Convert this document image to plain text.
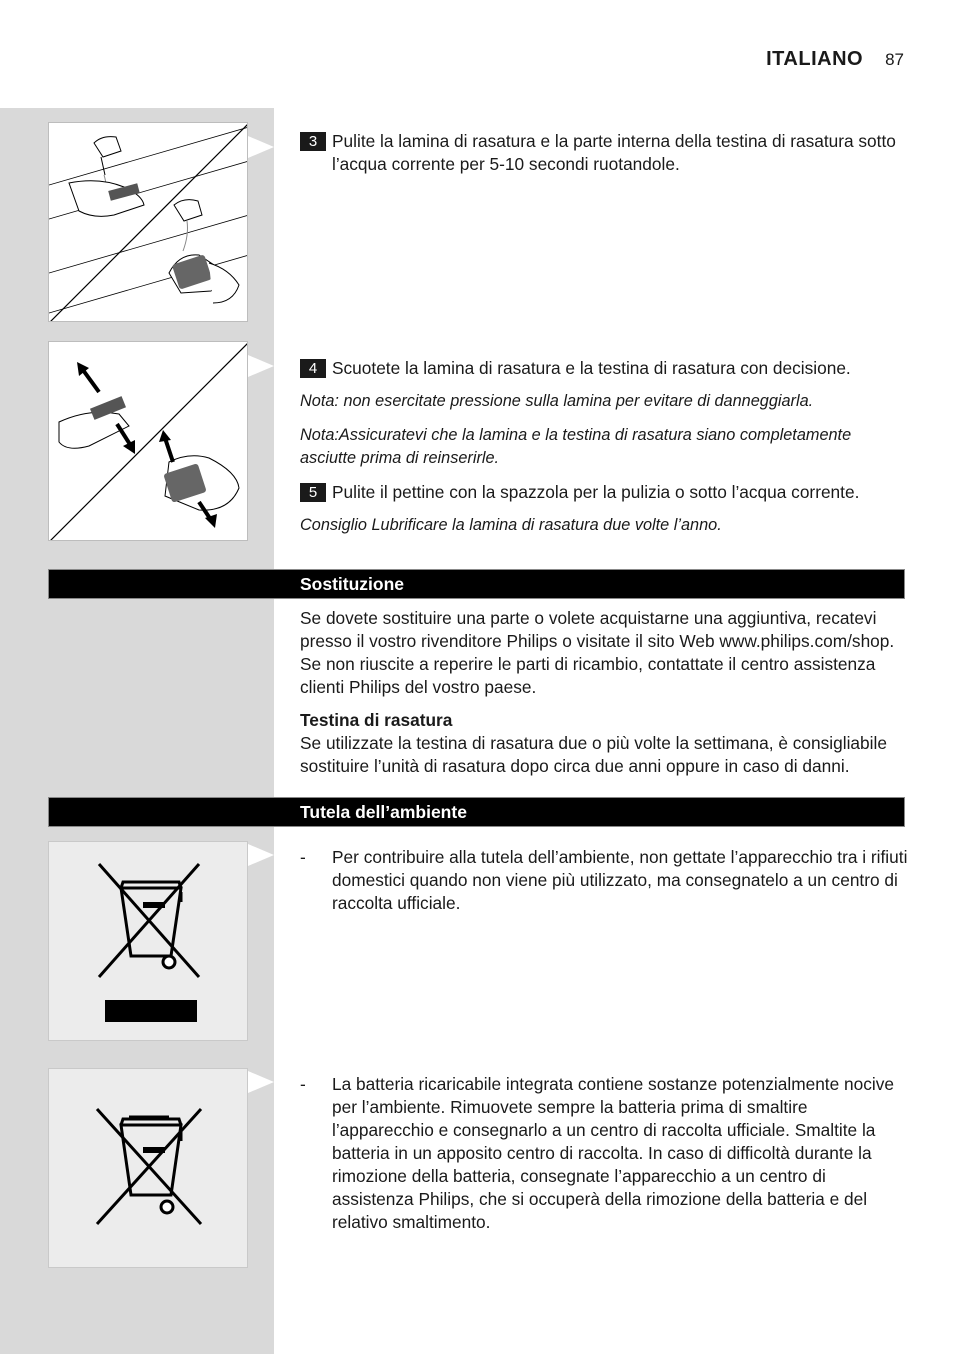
ITALIANO 87
3 Pulite la lamina di rasatura e la parte interna della testina di rasatura sotto l’acqua corrente per 5-10 secondi ruotandole.
4 Scuotete la lamina di rasatura e la testina di rasatura con decisione.
Nota: non esercitate pressione sulla lamina per evitare di danneggiarla.
Nota:Assicuratevi che la lamina e la testina di rasatura siano completamente asciutte prima di reinserirle.
5 Pulite il pettine con la spazzola per la pulizia o sotto l’acqua corrente.
Consiglio Lubrificare la lamina di rasatura due volte l’anno.
Sostituzione
Se dovete sostituire una parte o volete acquistarne una aggiuntiva, recatevi presso il vostro rivenditore Philips o visitate il sito Web www.philips.com/shop. Se non riuscite a reperire le parti di ricambio, contattate il centro assistenza clienti Philips del vostro paese.
Testina di rasatura
Se utilizzate la testina di rasatura due o più volte la settimana, è consigliabile sostituire l’unità di rasatura dopo circa due anni oppure in caso di danni.
Tutela dell’ambiente
-	Per contribuire alla tutela dell’ambiente, non gettate l’apparecchio tra i rifiuti domestici quando non viene più utilizzato, ma consegnatelo a un centro di raccolta ufficiale.
-	La batteria ricaricabile integrata contiene sostanze potenzialmente nocive per l’ambiente. Rimuovete sempre la batteria prima di smaltire l’apparecchio e consegnarlo a un centro di raccolta ufficiale. Smaltite la batteria in un apposito centro di raccolta. In caso di difficoltà durante la rimozione della batteria, consegnate l’apparecchio a un centro di assistenza Philips, che si occuperà della rimozione della batteria e del relativo smaltimento.
